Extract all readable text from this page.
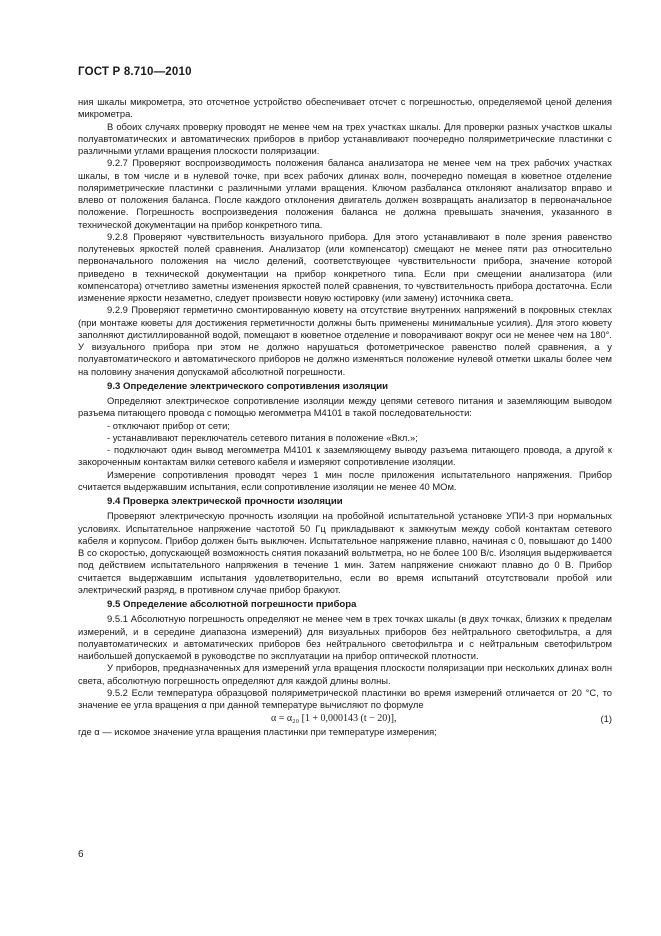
ГОСТ Р 8.710—2010

ния шкалы микрометра, это отсчетное устройство обеспечивает отсчет с погрешностью, определяемой ценой деления микрометра.

В обоих случаях проверку проводят не менее чем на трех участках шкалы. Для проверки разных участков шкалы полуавтоматических и автоматических приборов в прибор устанавливают поочередно поляриметрические пластинки с различными углами вращения плоскости поляризации.

9.2.7 Проверяют воспроизводимость положения баланса анализатора не менее чем на трех рабочих участках шкалы, в том числе и в нулевой точке, при всех рабочих длинах волн, поочередно помещая в кюветное отделение поляриметрические пластинки с различными углами вращения. Ключом разбаланса отклоняют анализатор вправо и влево от положения баланса. После каждого отклонения двигатель должен возвращать анализатор в первоначальное положение. Погрешность воспроизведения положения баланса не должна превышать значения, указанного в технической документации на прибор конкретного типа.

9.2.8 Проверяют чувствительность визуального прибора. Для этого устанавливают в поле зрения равенство полутеневых яркостей полей сравнения. Анализатор (или компенсатор) смещают не менее пяти раз относительно первоначального положения на число делений, соответствующее чувствительности прибора, значение которой приведено в технической документации на прибор конкретного типа. Если при смещении анализатора (или компенсатора) отчетливо заметны изменения яркостей полей сравнения, то чувствительность прибора достаточна. Если изменение яркости незаметно, следует произвести новую юстировку (или замену) источника света.

9.2.9 Проверяют герметично смонтированную кювету на отсутствие внутренних напряжений в покровных стеклах (при монтаже кюветы для достижения герметичности должны быть применены минимальные усилия). Для этого кювету заполняют дистиллированной водой, помещают в кюветное отделение и поворачивают вокруг оси не менее чем на 180°. У визуального прибора при этом не должно нарушаться фотометрическое равенство полей сравнения, а у полуавтоматического и автоматического приборов не должно изменяться положение нулевой отметки шкалы более чем на половину значения допускамой абсолютной погрешности.

9.3 Определение электрического сопротивления изоляции

Определяют электрическое сопротивление изоляции между цепями сетевого питания и заземляющим выводом разъема питающего провода с помощью мегомметра М4101 в такой последовательности:

- отключают прибор от сети;

- устанавливают переключатель сетевого питания в положение «Вкл.»;

- подключают один вывод мегомметра М4101 к заземляющему выводу разъема питающего провода, а другой к закороченным контактам вилки сетевого кабеля и измеряют сопротивление изоляции.

Измерение сопротивления проводят через 1 мин после приложения испытательного напряжения. Прибор считается выдержавшим испытания, если сопротивление изоляции не менее 40 МОм.

9.4 Проверка электрической прочности изоляции

Проверяют электрическую прочность изоляции на пробойной испытательной установке УПИ-3 при нормальных условиях. Испытательное напряжение частотой 50 Гц прикладывают к замкнутым между собой контактам сетевого кабеля и корпусом. Прибор должен быть выключен. Испытательное напряжение плавно, начиная с 0, повышают до 1400 В со скоростью, допускающей возможность снятия показаний вольтметра, но не более 100 В/с. Изоляция выдерживается под действием испытательного напряжения в течение 1 мин. Затем напряжение снижают плавно до 0 В. Прибор считается выдержавшим испытания удовлетворительно, если во время испытаний отсутствовали пробой или электрический разряд, в противном случае прибор бракуют.

9.5 Определение абсолютной погрешности прибора

9.5.1 Абсолютную погрешность определяют не менее чем в трех точках шкалы (в двух точках, близких к пределам измерений, и в середине диапазона измерений) для визуальных приборов без нейтрального светофильтра, а для полуавтоматических и автоматических приборов без нейтрального светофильтра и с нейтральным светофильтром наибольшей допускаемой в руководстве по эксплуатации на прибор оптической плотности.

У приборов, предназначенных для измерений угла вращения плоскости поляризации при нескольких длинах волн света, абсолютную погрешность определяют для каждой длины волны.

9.5.2 Если температура образцовой поляриметрической пластинки во время измерений отличается от 20 °С, то значение ее угла вращения α при данной температуре вычисляют по формуле

α = α₂₀ [1 + 0,000143 (t − 20)],	(1)

где α — искомое значение угла вращения пластинки при температуре измерения;

6
